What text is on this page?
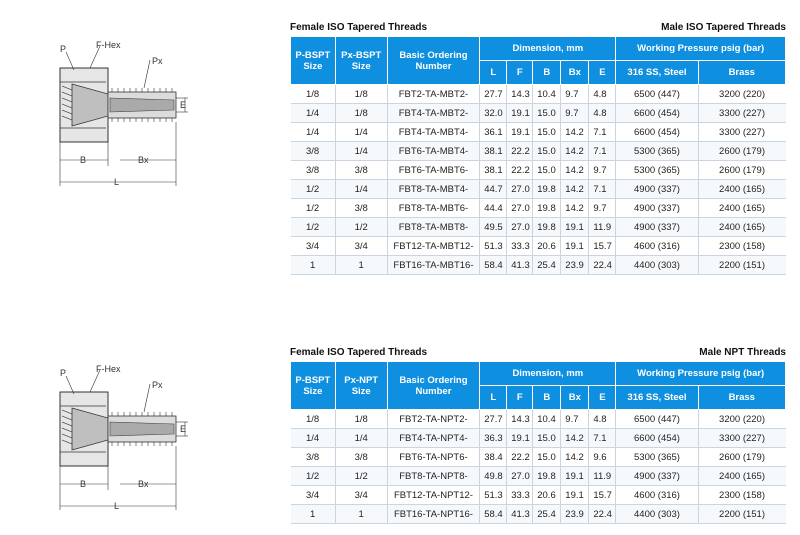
P	F-Hex
Px
E
B	Bx
L
Female ISO Tapered Threads	Male ISO Tapered Threads
P-BSPT Size	Px-BSPT Size	Basic Ordering Number	Dimension, mm					Working Pressure psig (bar)	
			L	F	B	Bx	E	316 SS, Steel	Brass
1/8	1/8	FBT2-TA-MBT2-	27.7	14.3	10.4	9.7	4.8	6500 (447)	3200 (220)
1/4	1/8	FBT4-TA-MBT2-	32.0	19.1	15.0	9.7	4.8	6600 (454)	3300 (227)
1/4	1/4	FBT4-TA-MBT4-	36.1	19.1	15.0	14.2	7.1	6600 (454)	3300 (227)
3/8	1/4	FBT6-TA-MBT4-	38.1	22.2	15.0	14.2	7.1	5300 (365)	2600 (179)
3/8	3/8	FBT6-TA-MBT6-	38.1	22.2	15.0	14.2	9.7	5300 (365)	2600 (179)
1/2	1/4	FBT8-TA-MBT4-	44.7	27.0	19.8	14.2	7.1	4900 (337)	2400 (165)
1/2	3/8	FBT8-TA-MBT6-	44.4	27.0	19.8	14.2	9.7	4900 (337)	2400 (165)
1/2	1/2	FBT8-TA-MBT8-	49.5	27.0	19.8	19.1	11.9	4900 (337)	2400 (165)
3/4	3/4	FBT12-TA-MBT12-	51.3	33.3	20.6	19.1	15.7	4600 (316)	2300 (158)
1	1	FBT16-TA-MBT16-	58.4	41.3	25.4	23.9	22.4	4400 (303)	2200 (151)
P	F-Hex
Px
E
B	Bx
L
Female ISO Tapered Threads	Male NPT Threads
P-BSPT Size	Px-NPT Size	Basic Ordering Number	Dimension, mm					Working Pressure psig (bar)	
			L	F	B	Bx	E	316 SS, Steel	Brass
1/8	1/8	FBT2-TA-NPT2-	27.7	14.3	10.4	9.7	4.8	6500 (447)	3200 (220)
1/4	1/4	FBT4-TA-NPT4-	36.3	19.1	15.0	14.2	7.1	6600 (454)	3300 (227)
3/8	3/8	FBT6-TA-NPT6-	38.4	22.2	15.0	14.2	9.6	5300 (365)	2600 (179)
1/2	1/2	FBT8-TA-NPT8-	49.8	27.0	19.8	19.1	11.9	4900 (337)	2400 (165)
3/4	3/4	FBT12-TA-NPT12-	51.3	33.3	20.6	19.1	15.7	4600 (316)	2300 (158)
1	1	FBT16-TA-NPT16-	58.4	41.3	25.4	23.9	22.4	4400 (303)	2200 (151)
